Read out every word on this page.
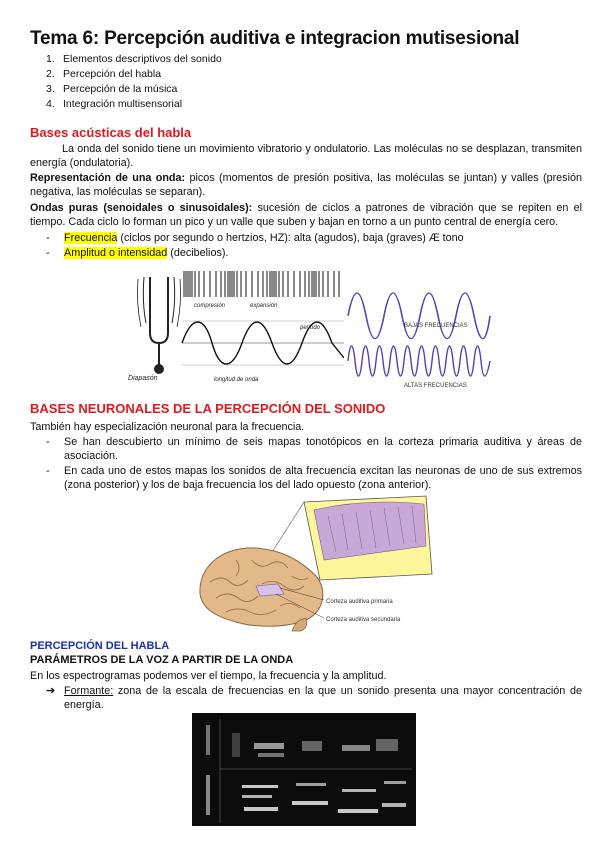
Tema 6: Percepción auditiva e integracion mutisesional
1. Elementos descriptivos del sonido
2. Percepción del habla
3. Percepción de la música
4. Integración multisensorial
Bases acústicas del habla

La onda del sonido tiene un movimiento vibratorio y ondulatorio. Las moléculas no se desplazan, transmiten energía (ondulatoria).

Representación de una onda: picos (momentos de presión positiva, las moléculas se juntan) y valles (presión negativa, las moléculas se separan).

Ondas puras (senoidales o sinusoidales): sucesión de ciclos a patrones de vibración que se repiten en el tiempo. Cada ciclo lo forman un pico y un valle que suben y bajan en torno a un punto central de energía cero.

- Frecuencia (ciclos por segundo o hertzios, HZ): alta (agudos), baja (graves) Æ tono
- Amplitud o intensidad (decibelios).
Diapasón
compresión	expansión
periodo
longitud de onda
BAJAS FRECUENCIAS
ALTAS FRECUENCIAS
BASES NEURONALES DE LA PERCEPCIÓN DEL SONIDO

También hay especialización neuronal para la frecuencia.

- Se han descubierto un mínimo de seis mapas tonotópicos en la corteza primaria auditiva y áreas de asociación.
- En cada uno de estos mapas los sonidos de alta frecuencia excitan las neuronas de uno de sus extremos (zona posterior) y los de baja frecuencia los del lado opuesto (zona anterior).
Corteza auditiva primaria
Corteza auditiva secundaria
PERCEPCIÓN DEL HABLA
PARÁMETROS DE LA VOZ A PARTIR DE LA ONDA

En los espectrogramas podemos ver el tiempo, la frecuencia y la amplitud.

➔ Formante: zona de la escala de frecuencias en la que un sonido presenta una mayor concentración de energía.
